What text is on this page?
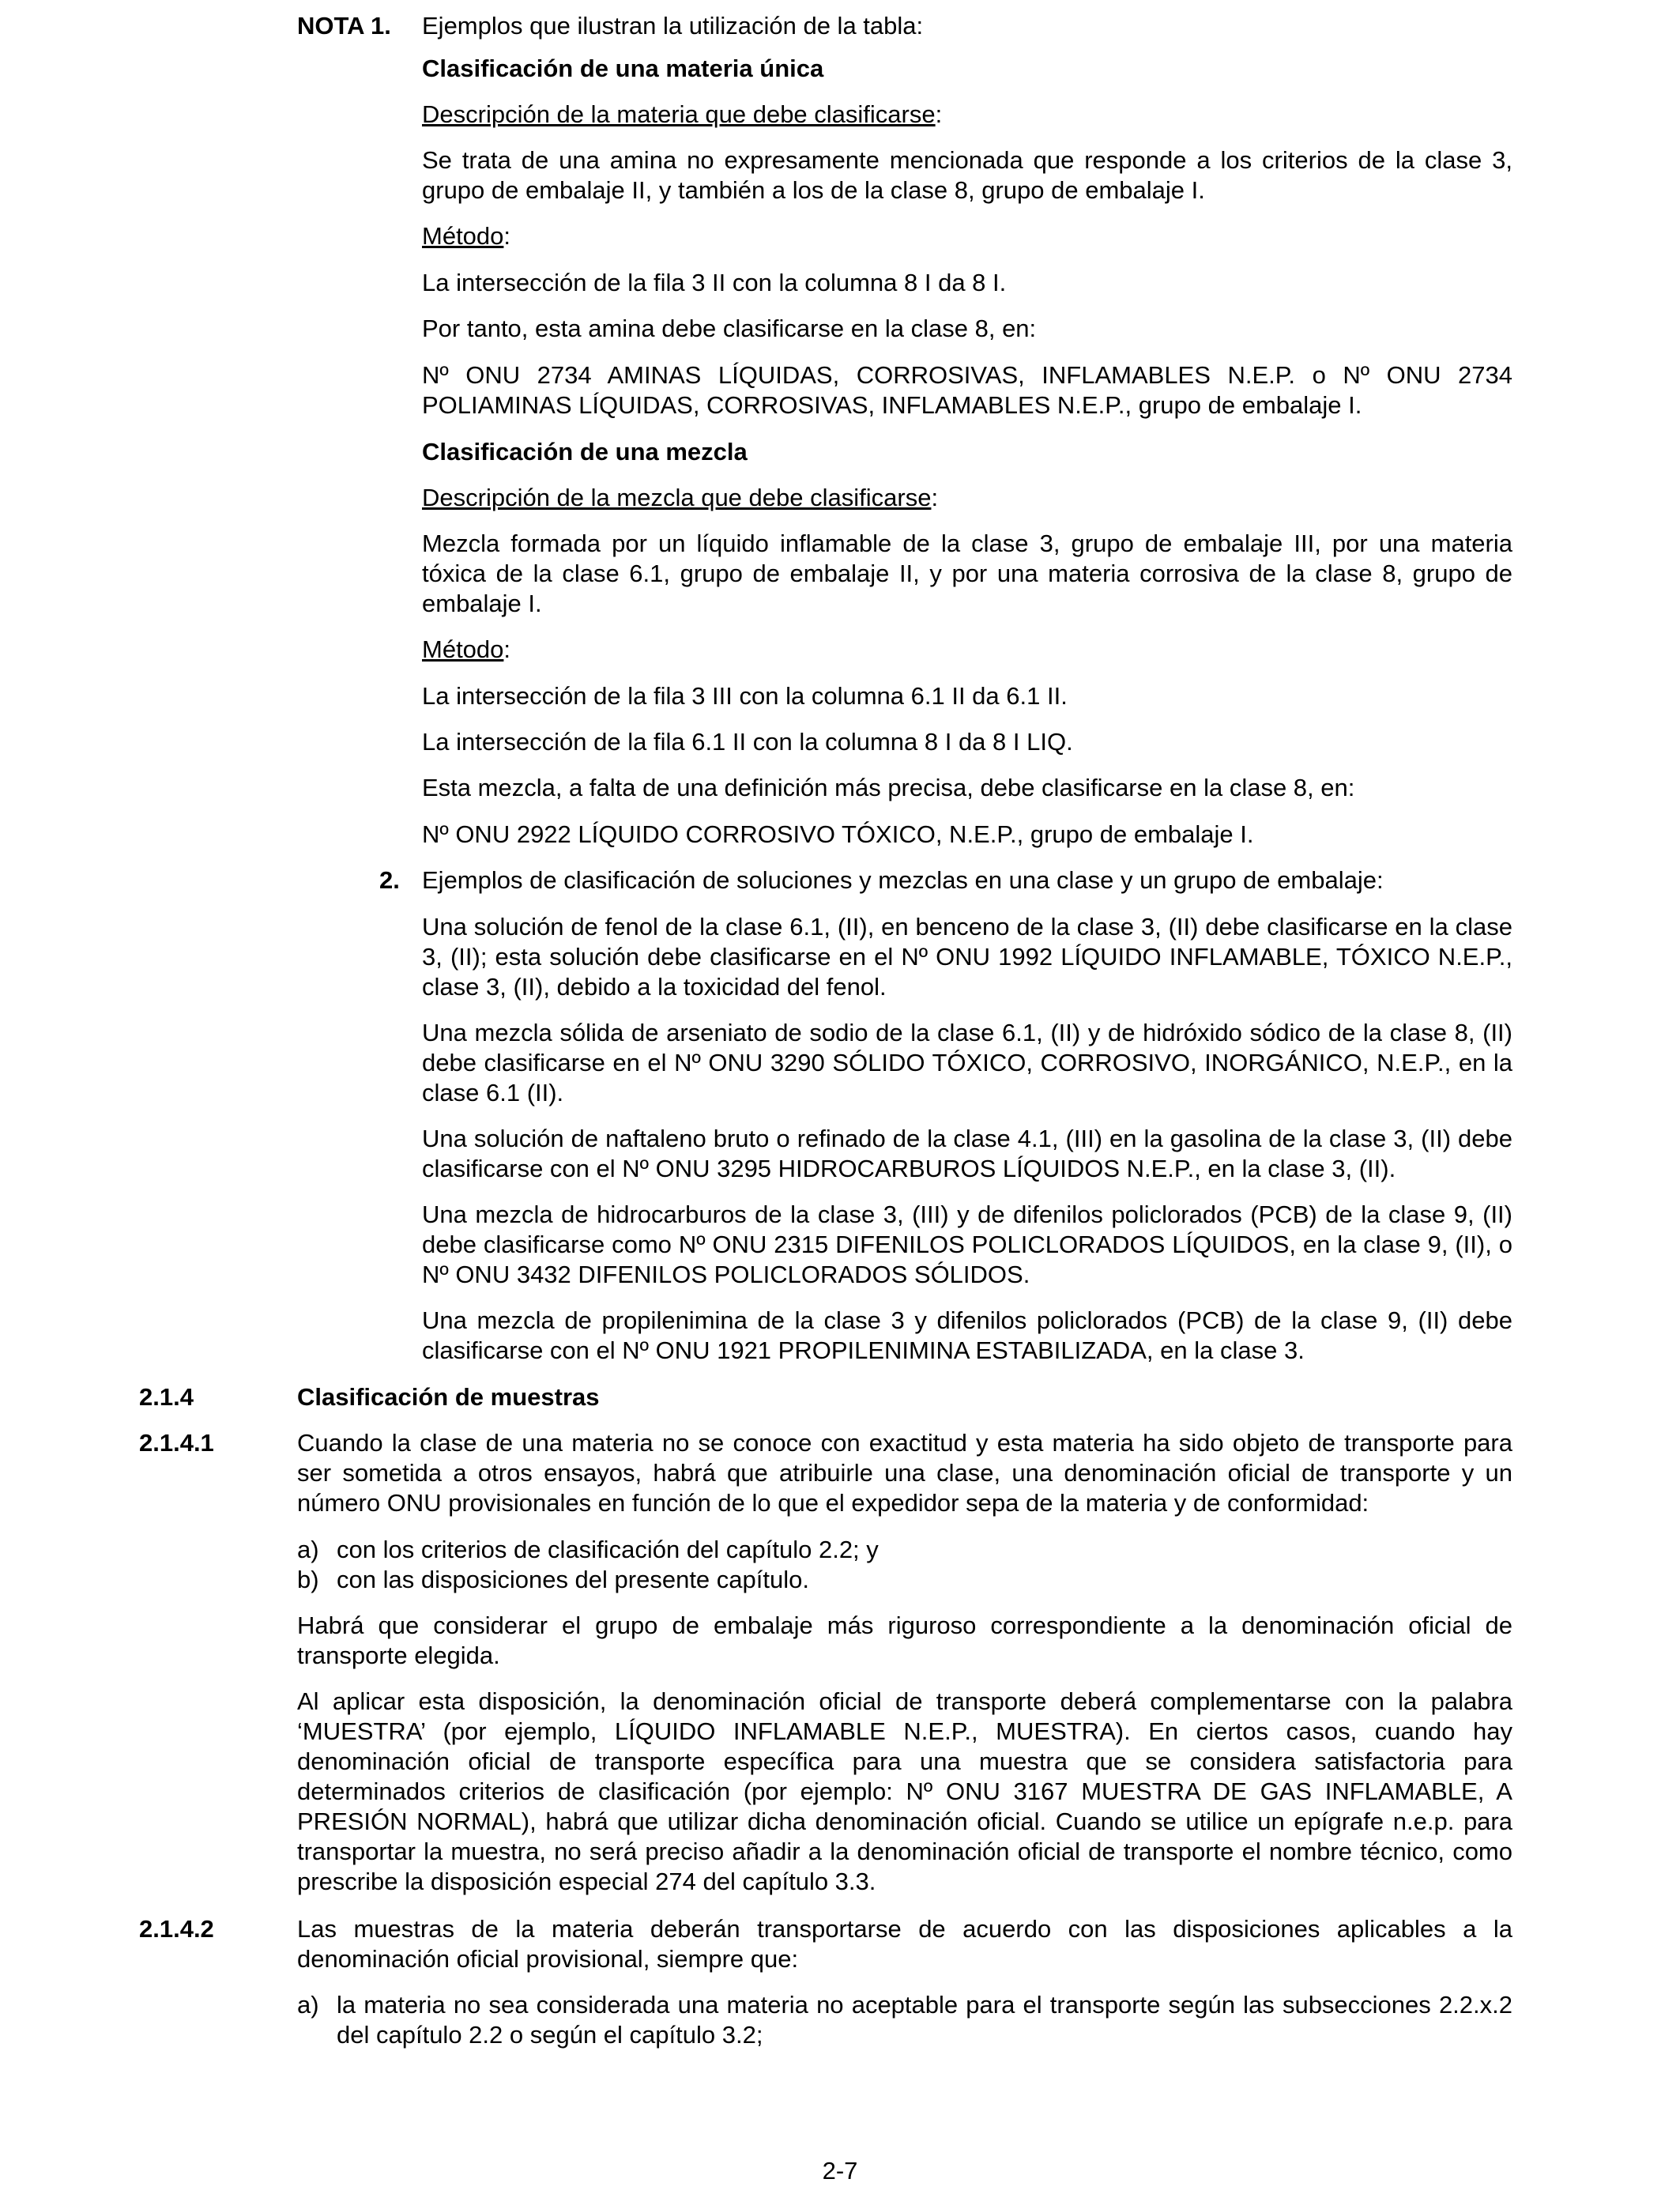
NOTA 1. Ejemplos que ilustran la utilización de la tabla:

Clasificación de una materia única

Descripción de la materia que debe clasificarse:

Se trata de una amina no expresamente mencionada que responde a los criterios de la clase 3, grupo de embalaje II, y también a los de la clase 8, grupo de embalaje I.

Método:

La intersección de la fila 3 II con la columna 8 I da 8 I.

Por tanto, esta amina debe clasificarse en la clase 8, en:

Nº ONU 2734 AMINAS LÍQUIDAS, CORROSIVAS, INFLAMABLES N.E.P. o Nº ONU 2734 POLIAMINAS LÍQUIDAS, CORROSIVAS, INFLAMABLES N.E.P., grupo de embalaje I.

Clasificación de una mezcla

Descripción de la mezcla que debe clasificarse:

Mezcla formada por un líquido inflamable de la clase 3, grupo de embalaje III, por una materia tóxica de la clase 6.1, grupo de embalaje II, y por una materia corrosiva de la clase 8, grupo de embalaje I.

Método:

La intersección de la fila 3 III con la columna 6.1 II da 6.1 II.

La intersección de la fila 6.1 II con la columna 8 I da 8 I LIQ.

Esta mezcla, a falta de una definición más precisa, debe clasificarse en la clase 8, en:

Nº ONU 2922 LÍQUIDO CORROSIVO TÓXICO, N.E.P., grupo de embalaje I.

2. Ejemplos de clasificación de soluciones y mezclas en una clase y un grupo de embalaje:

Una solución de fenol de la clase 6.1, (II), en benceno de la clase 3, (II) debe clasificarse en la clase 3, (II); esta solución debe clasificarse en el Nº ONU 1992 LÍQUIDO INFLAMABLE, TÓXICO N.E.P., clase 3, (II), debido a la toxicidad del fenol.

Una mezcla sólida de arseniato de sodio de la clase 6.1, (II) y de hidróxido sódico de la clase 8, (II) debe clasificarse en el Nº ONU 3290 SÓLIDO TÓXICO, CORROSIVO, INORGÁNICO, N.E.P., en la clase 6.1 (II).

Una solución de naftaleno bruto o refinado de la clase 4.1, (III) en la gasolina de la clase 3, (II) debe clasificarse con el Nº ONU 3295 HIDROCARBUROS LÍQUIDOS N.E.P., en la clase 3, (II).

Una mezcla de hidrocarburos de la clase 3, (III) y de difenilos policlorados (PCB) de la clase 9, (II) debe clasificarse como Nº ONU 2315 DIFENILOS POLICLORADOS LÍQUIDOS, en la clase 9, (II), o Nº ONU 3432 DIFENILOS POLICLORADOS SÓLIDOS.

Una mezcla de propilenimina de la clase 3 y difenilos policlorados (PCB) de la clase 9, (II) debe clasificarse con el Nº ONU 1921 PROPILENIMINA ESTABILIZADA, en la clase 3.

2.1.4	Clasificación de muestras

2.1.4.1	Cuando la clase de una materia no se conoce con exactitud y esta materia ha sido objeto de transporte para ser sometida a otros ensayos, habrá que atribuirle una clase, una denominación oficial de transporte y un número ONU provisionales en función de lo que el expedidor sepa de la materia y de conformidad:

a) con los criterios de clasificación del capítulo 2.2; y
b) con las disposiciones del presente capítulo.

Habrá que considerar el grupo de embalaje más riguroso correspondiente a la denominación oficial de transporte elegida.

Al aplicar esta disposición, la denominación oficial de transporte deberá complementarse con la palabra ‘MUESTRA’ (por ejemplo, LÍQUIDO INFLAMABLE N.E.P., MUESTRA). En ciertos casos, cuando hay denominación oficial de transporte específica para una muestra que se considera satisfactoria para determinados criterios de clasificación (por ejemplo: Nº ONU 3167 MUESTRA DE GAS INFLAMABLE, A PRESIÓN NORMAL), habrá que utilizar dicha denominación oficial. Cuando se utilice un epígrafe n.e.p. para transportar la muestra, no será preciso añadir a la denominación oficial de transporte el nombre técnico, como prescribe la disposición especial 274 del capítulo 3.3.

2.1.4.2	Las muestras de la materia deberán transportarse de acuerdo con las disposiciones aplicables a la denominación oficial provisional, siempre que:

a) la materia no sea considerada una materia no aceptable para el transporte según las subsecciones 2.2.x.2 del capítulo 2.2 o según el capítulo 3.2;
2-7
